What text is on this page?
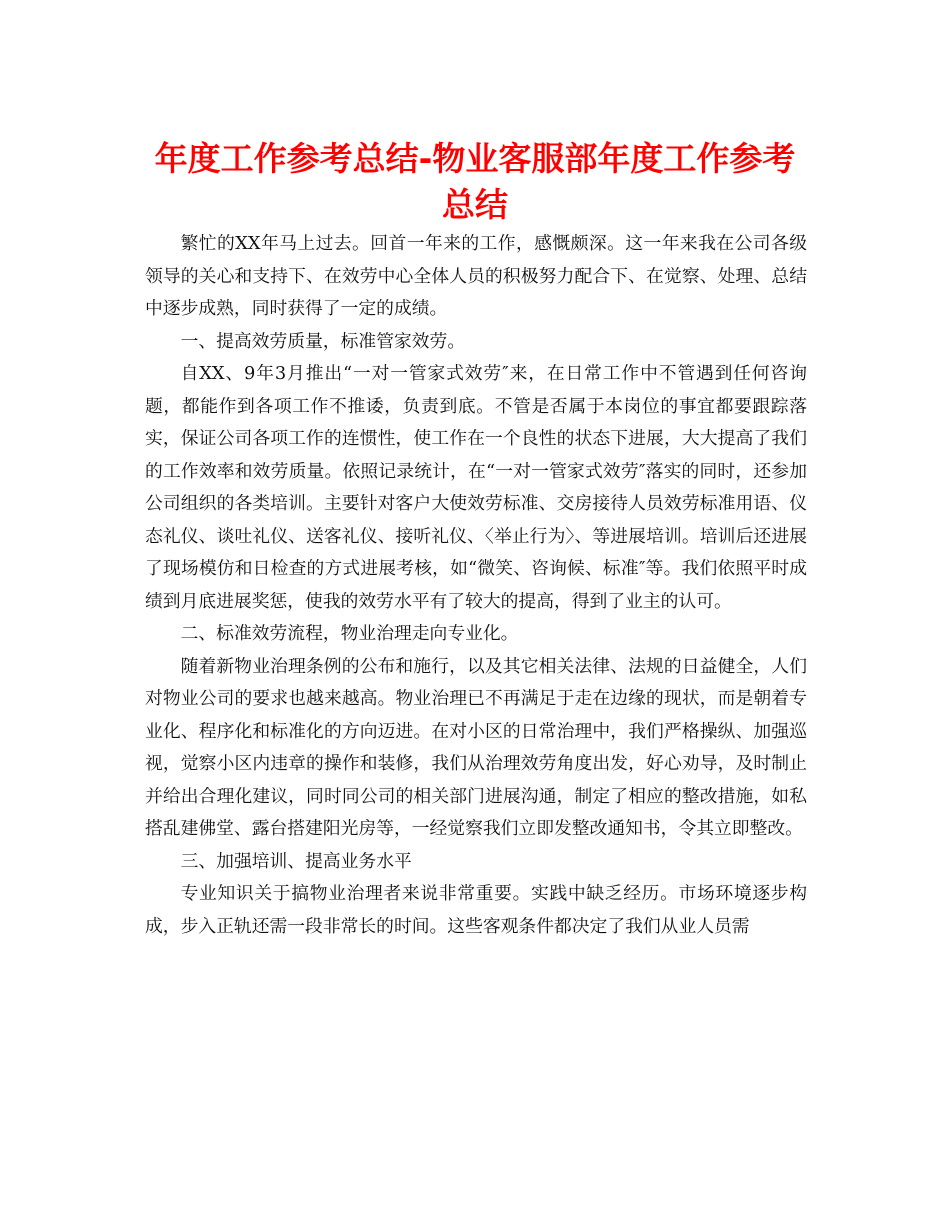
年度工作参考总结-物业客服部年度工作参考总结

繁忙的XX年马上过去。回首一年来的工作，感慨颇深。这一年来我在公司各级领导的关心和支持下、在效劳中心全体人员的积极努力配合下、在觉察、处理、总结中逐步成熟，同时获得了一定的成绩。

一、提高效劳质量，标准管家效劳。

自XX、9年3月推出“一对一管家式效劳″来，在日常工作中不管遇到任何咨询题，都能作到各项工作不推诿，负责到底。不管是否属于本岗位的事宜都要跟踪落实，保证公司各项工作的连惯性，使工作在一个良性的状态下进展，大大提高了我们的工作效率和效劳质量。依照记录统计，在“一对一管家式效劳″落实的同时，还参加公司组织的各类培训。主要针对客户大使效劳标准、交房接待人员效劳标准用语、仪态礼仪、谈吐礼仪、送客礼仪、接听礼仪、〈举止行为〉、等进展培训。培训后还进展了现场模仿和日检查的方式进展考核，如“微笑、咨询候、标准″等。我们依照平时成绩到月底进展奖惩，使我的效劳水平有了较大的提高，得到了业主的认可。

二、标准效劳流程，物业治理走向专业化。

随着新物业治理条例的公布和施行，以及其它相关法律、法规的日益健全，人们对物业公司的要求也越来越高。物业治理已不再满足于走在边缘的现状，而是朝着专业化、程序化和标准化的方向迈进。在对小区的日常治理中，我们严格操纵、加强巡视，觉察小区内违章的操作和装修，我们从治理效劳角度出发，好心劝导，及时制止并给出合理化建议，同时同公司的相关部门进展沟通，制定了相应的整改措施，如私搭乱建佛堂、露台搭建阳光房等，一经觉察我们立即发整改通知书，令其立即整改。

三、加强培训、提高业务水平

专业知识关于搞物业治理者来说非常重要。实践中缺乏经历。市场环境逐步构成，步入正轨还需一段非常长的时间。这些客观条件都决定了我们从业人员需
